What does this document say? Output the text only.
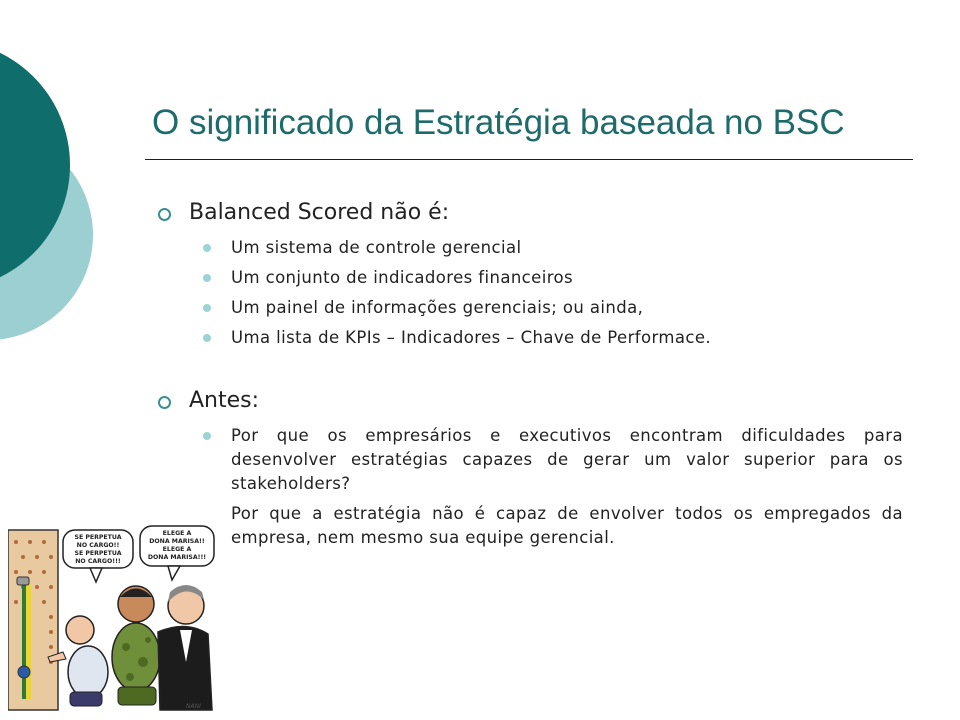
O significado da Estratégia baseada no BSC
Balanced Scored não é:
Um sistema de controle gerencial
Um conjunto de indicadores financeiros
Um painel de informações gerenciais; ou ainda,
Uma lista de KPIs – Indicadores – Chave de Performace.
Antes:
Por que os empresários e executivos encontram dificuldades para desenvolver estratégias capazes de gerar um valor superior para os stakeholders?
Por que a estratégia não é capaz de envolver todos os empregados da empresa, nem mesmo sua equipe gerencial.
SE PERPETUA
NO CARGO!!
SE PERPETUA
NO CARGO!!!
ELEGE A
DONA MARISA!!
ELEGE A
DONA MARISA!!!
NANI
